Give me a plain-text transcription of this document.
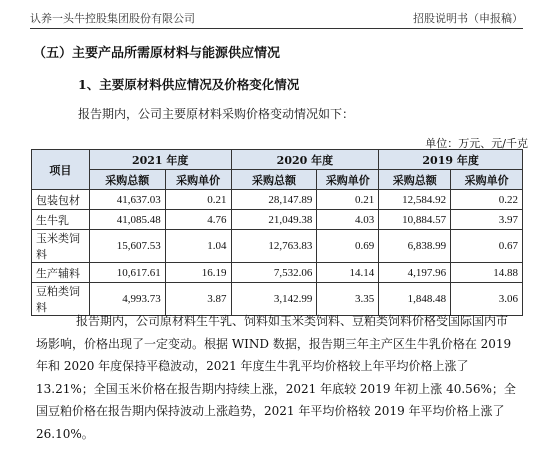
认养一头牛控股集团股份有限公司	招股说明书（申报稿）
（五）主要产品所需原材料与能源供应情况
1、主要原材料供应情况及价格变化情况
报告期内，公司主要原材料采购价格变动情况如下：
单位：万元、元/千克
项目	2021 年度		2020 年度		2019 年度	
	采购总额	采购单价	采购总额	采购单价	采购总额	采购单价
包装包材	41,637.03	0.21	28,147.89	0.21	12,584.92	0.22
生牛乳	41,085.48	4.76	21,049.38	4.03	10,884.57	3.97
玉米类饲料	15,607.53	1.04	12,763.83	0.69	6,838.99	0.67
生产辅料	10,617.61	16.19	7,532.06	14.14	4,197.96	14.88
豆粕类饲料	4,993.73	3.87	3,142.99	3.35	1,848.48	3.06
报告期内，公司原材料生牛乳、饲料如玉米类饲料、豆粕类饲料价格受国际国内市
场影响，价格出现了一定变动。根据 WIND 数据，报告期三年主产区生牛乳价格在 2019
年和 2020 年度保持平稳波动，2021 年度生牛乳平均价格较上年平均价格上涨了
13.21%；全国玉米价格在报告期内持续上涨，2021 年底较 2019 年初上涨 40.56%；全
国豆粕价格在报告期内保持波动上涨趋势，2021 年平均价格较 2019 年平均价格上涨了
26.10%。
